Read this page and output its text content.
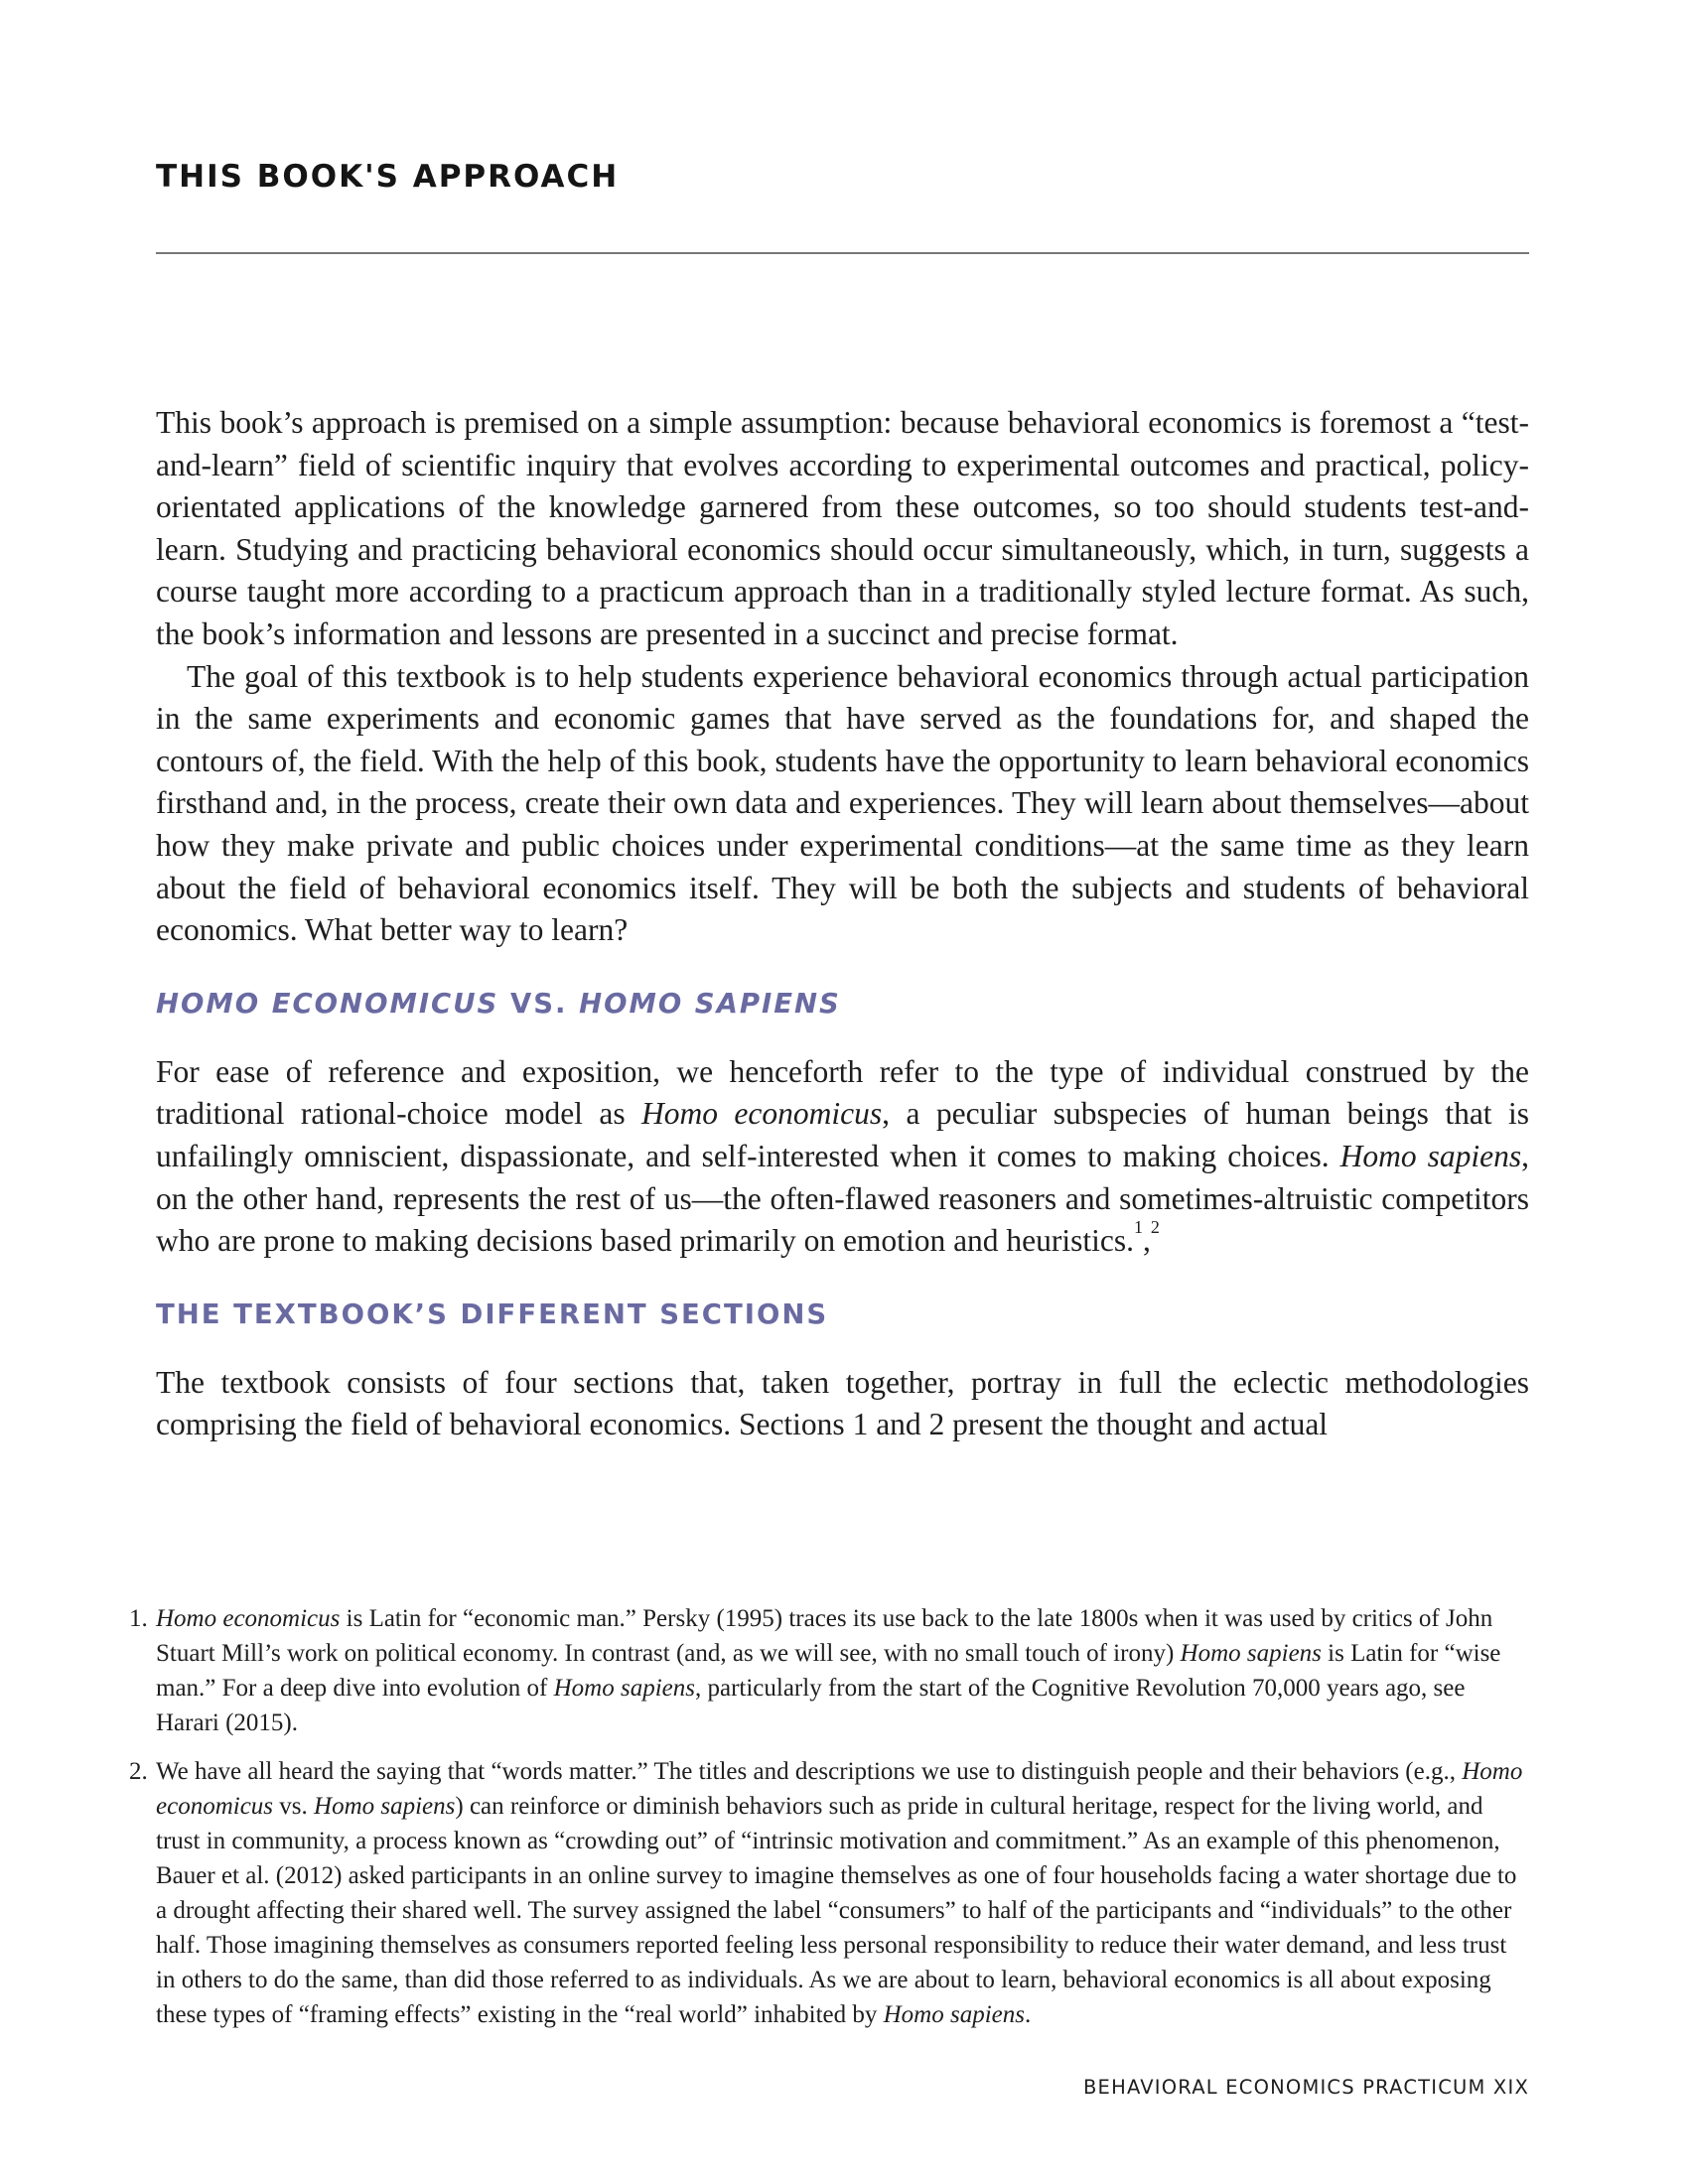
THIS BOOK'S APPROACH

This book’s approach is premised on a simple assumption: because behavioral economics is foremost a “test-and-learn” field of scientific inquiry that evolves according to experimental outcomes and practical, policy-orientated applications of the knowledge garnered from these outcomes, so too should students test-and-learn. Studying and practicing behavioral economics should occur simultaneously, which, in turn, suggests a course taught more according to a practicum approach than in a traditionally styled lecture format. As such, the book’s information and lessons are presented in a succinct and precise format.

The goal of this textbook is to help students experience behavioral economics through actual participation in the same experiments and economic games that have served as the foundations for, and shaped the contours of, the field. With the help of this book, students have the opportunity to learn behavioral economics firsthand and, in the process, create their own data and experiences. They will learn about themselves—about how they make private and public choices under experimental conditions—at the same time as they learn about the field of behavioral economics itself. They will be both the subjects and students of behavioral economics. What better way to learn?

HOMO ECONOMICUS VS. HOMO SAPIENS

For ease of reference and exposition, we henceforth refer to the type of individual construed by the traditional rational-choice model as Homo economicus, a peculiar subspecies of human beings that is unfailingly omniscient, dispassionate, and self-interested when it comes to making choices. Homo sapiens, on the other hand, represents the rest of us—the often-flawed reasoners and sometimes-altruistic competitors who are prone to making decisions based primarily on emotion and heuristics.$^1$,$^2$

THE TEXTBOOK’S DIFFERENT SECTIONS

The textbook consists of four sections that, taken together, portray in full the eclectic methodologies comprising the field of behavioral economics. Sections 1 and 2 present the thought and actual

1. Homo economicus is Latin for “economic man.” Persky (1995) traces its use back to the late 1800s when it was used by critics of John Stuart Mill’s work on political economy. In contrast (and, as we will see, with no small touch of irony) Homo sapiens is Latin for “wise man.” For a deep dive into evolution of Homo sapiens, particularly from the start of the Cognitive Revolution 70,000 years ago, see Harari (2015).
2. We have all heard the saying that “words matter.” The titles and descriptions we use to distinguish people and their behaviors (e.g., Homo economicus vs. Homo sapiens) can reinforce or diminish behaviors such as pride in cultural heritage, respect for the living world, and trust in community, a process known as “crowding out” of “intrinsic motivation and commitment.” As an example of this phenomenon, Bauer et al. (2012) asked participants in an online survey to imagine themselves as one of four households facing a water shortage due to a drought affecting their shared well. The survey assigned the label “consumers” to half of the participants and “individuals” to the other half. Those imagining themselves as consumers reported feeling less personal responsibility to reduce their water demand, and less trust in others to do the same, than did those referred to as individuals. As we are about to learn, behavioral economics is all about exposing these types of “framing effects” existing in the “real world” inhabited by Homo sapiens.

BEHAVIORAL ECONOMICS PRACTICUM XIX
